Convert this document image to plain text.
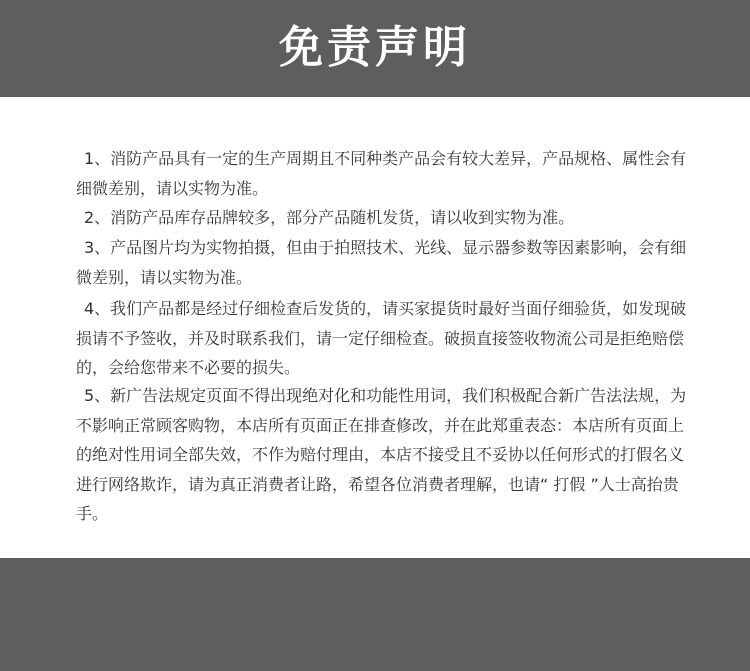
免责声明

1、消防产品具有一定的生产周期且不同种类产品会有较大差异，产品规格、属性会有细微差别，请以实物为准。

2、消防产品库存品牌较多，部分产品随机发货，请以收到实物为准。

3、产品图片均为实物拍摄，但由于拍照技术、光线、显示器参数等因素影响，会有细微差别，请以实物为准。

4、我们产品都是经过仔细检查后发货的，请买家提货时最好当面仔细验货，如发现破损请不予签收，并及时联系我们，请一定仔细检查。破损直接签收物流公司是拒绝赔偿的，会给您带来不必要的损失。

5、新广告法规定页面不得出现绝对化和功能性用词，我们积极配合新广告法法规，为不影响正常顾客购物，本店所有页面正在排查修改，并在此郑重表态：本店所有页面上的绝对性用词全部失效，不作为赔付理由，本店不接受且不妥协以任何形式的打假名义进行网络欺诈，请为真正消费者让路，希望各位消费者理解，也请“ 打假 ”人士高抬贵手。
